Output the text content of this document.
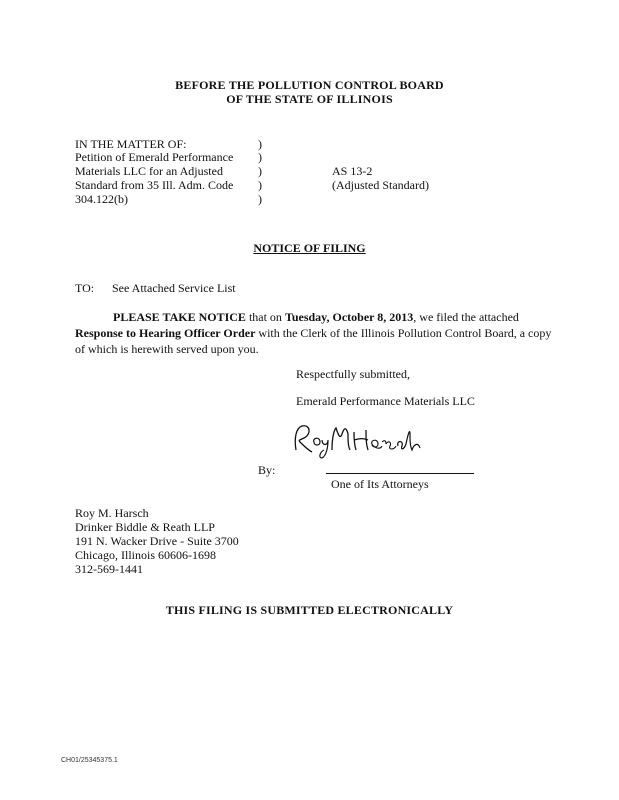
BEFORE THE POLLUTION CONTROL BOARD
OF THE STATE OF ILLINOIS
IN THE MATTER OF:
Petition of Emerald Performance
Materials LLC for an Adjusted
Standard from 35 Ill. Adm. Code
304.122(b)
)
)
)
)
)
AS 13-2
(Adjusted Standard)
NOTICE OF FILING
TO: See Attached Service List
PLEASE TAKE NOTICE that on Tuesday, October 8, 2013, we filed the attached Response to Hearing Officer Order with the Clerk of the Illinois Pollution Control Board, a copy of which is herewith served upon you.
Respectfully submitted,
Emerald Performance Materials LLC
By:
One of Its Attorneys
Roy M. Harsch
Drinker Biddle & Reath LLP
191 N. Wacker Drive - Suite 3700
Chicago, Illinois 60606-1698
312-569-1441
THIS FILING IS SUBMITTED ELECTRONICALLY
CH01/25345375.1
